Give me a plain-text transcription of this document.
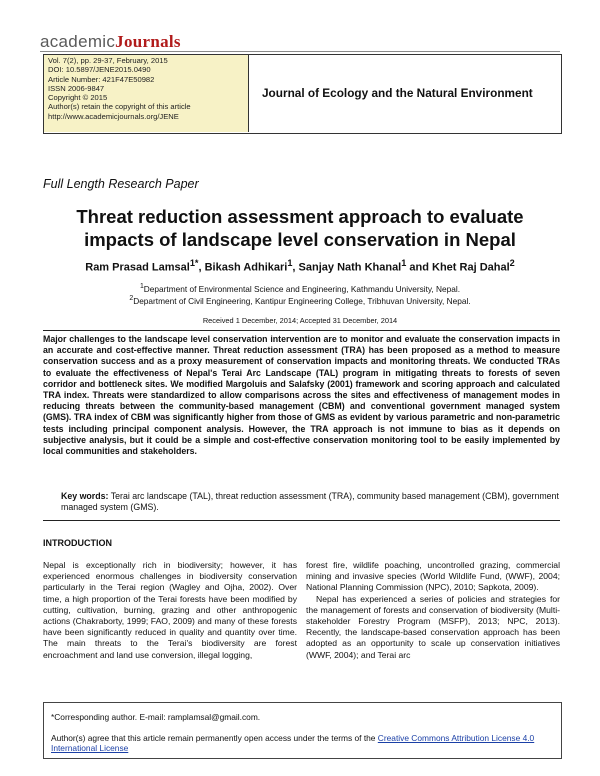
academicJournals
Vol. 7(2), pp. 29-37, February, 2015
DOI: 10.5897/JENE2015.0490
Article Number: 421F47E50982
ISSN 2006-9847
Copyright © 2015
Author(s) retain the copyright of this article
http://www.academicjournals.org/JENE
Journal of Ecology and the Natural Environment
Full Length Research Paper
Threat reduction assessment approach to evaluate
impacts of landscape level conservation in Nepal
Ram Prasad Lamsal$^{1*}$, Bikash Adhikari$^1$, Sanjay Nath Khanal$^1$ and Khet Raj Dahal$^2$
$^1$Department of Environmental Science and Engineering, Kathmandu University, Nepal.
$^2$Department of Civil Engineering, Kantipur Engineering College, Tribhuvan University, Nepal.
Received 1 December, 2014; Accepted 31 December, 2014
Major challenges to the landscape level conservation intervention are to monitor and evaluate the conservation impacts in an accurate and cost-effective manner. Threat reduction assessment (TRA) has been proposed as a method to measure conservation success and as a proxy measurement of conservation impacts and monitoring threats. We conducted TRAs to evaluate the effectiveness of Nepal's Terai Arc Landscape (TAL) program in mitigating threats to forests of seven corridor and bottleneck sites. We modified Margoluis and Salafsky (2001) framework and scoring approach and calculated TRA index. Threats were standardized to allow comparisons across the sites and effectiveness of management modes in reducing threats between the community-based management (CBM) and conventional government managed system (GMS). TRA index of CBM was significantly higher from those of GMS as evident by various parametric and non-parametric tests including principal component analysis. However, the TRA approach is not immune to bias as it depends on subjective analysis, but it could be a simple and cost-effective conservation monitoring tool to be easily implemented by local communities and stakeholders.
Key words: Terai arc landscape (TAL), threat reduction assessment (TRA), community based management (CBM), government managed system (GMS).
INTRODUCTION

Nepal is exceptionally rich in biodiversity; however, it has experienced enormous challenges in biodiversity conservation particularly in the Terai region (Wagley and Ojha, 2002). Over time, a high proportion of the Terai forests have been modified by cutting, cultivation, burning, grazing and other anthropogenic actions (Chakraborty, 1999; FAO, 2009) and many of these forests have been significantly reduced in quality and quantity over time. The main threats to the Terai's biodiversity are forest encroachment and land use conversion, illegal logging,

forest fire, wildlife poaching, uncontrolled grazing, commercial mining and invasive species (World Wildlife Fund, (WWF), 2004; National Planning Commission (NPC), 2010; Sapkota, 2009).

Nepal has experienced a series of policies and strategies for the management of forests and conservation of biodiversity (Multi-stakeholder Forestry Program (MSFP), 2013; NPC, 2013). Recently, the landscape-based conservation approach has been adopted as an opportunity to scale up conservation initiatives (WWF, 2004); and Terai arc

*Corresponding author. E-mail: ramplamsal@gmail.com.
Author(s) agree that this article remain permanently open access under the terms of the Creative Commons Attribution License 4.0 International License
